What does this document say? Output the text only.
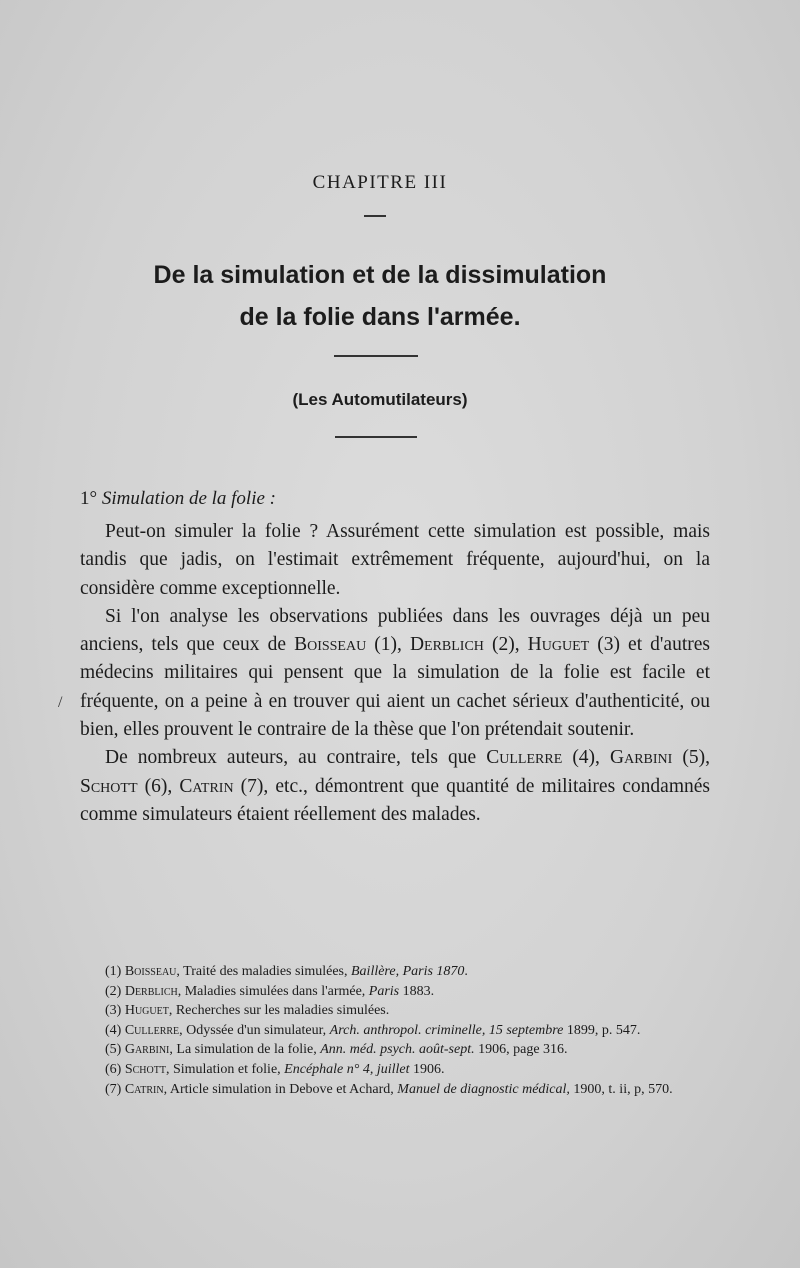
CHAPITRE III
De la simulation et de la dissimulation
de la folie dans l'armée.
(Les Automutilateurs)
1° Simulation de la folie :
/

Peut-on simuler la folie ? Assurément cette simulation est possible, mais tandis que jadis, on l'estimait extrêmement fréquente, aujourd'hui, on la considère comme exceptionnelle.

Si l'on analyse les observations publiées dans les ouvrages déjà un peu anciens, tels que ceux de Boisseau (1), Derblich (2), Huguet (3) et d'autres médecins militaires qui pensent que la simulation de la folie est facile et fréquente, on a peine à en trouver qui aient un cachet sérieux d'authenticité, ou bien, elles prouvent le contraire de la thèse que l'on prétendait soutenir.

De nombreux auteurs, au contraire, tels que Cullerre (4), Garbini (5), Schott (6), Catrin (7), etc., démontrent que quantité de militaires condamnés comme simulateurs étaient réellement des malades.

(1) Boisseau, Traité des maladies simulées, Baillère, Paris 1870.

(2) Derblich, Maladies simulées dans l'armée, Paris 1883.

(3) Huguet, Recherches sur les maladies simulées.

(4) Cullerre, Odyssée d'un simulateur, Arch. anthropol. criminelle, 15 septembre 1899, p. 547.

(5) Garbini, La simulation de la folie, Ann. méd. psych. août-sept. 1906, page 316.

(6) Schott, Simulation et folie, Encéphale n° 4, juillet 1906.

(7) Catrin, Article simulation in Debove et Achard, Manuel de diagnostic médical, 1900, t. ii, p, 570.
